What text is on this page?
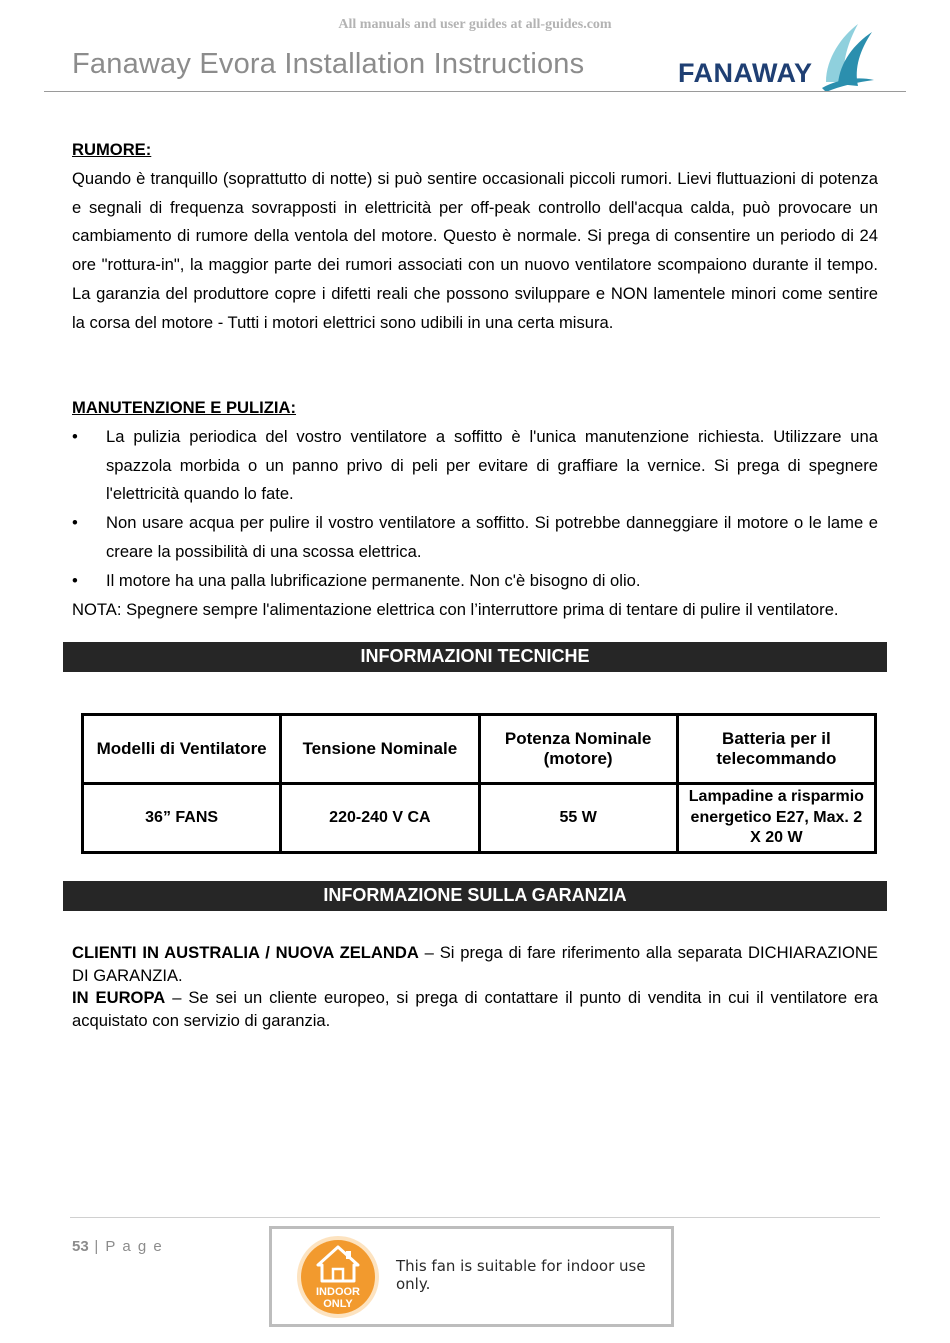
All manuals and user guides at all-guides.com
Fanaway Evora Installation Instructions	FANAWAY
RUMORE:
Quando è tranquillo (soprattutto di notte) si può sentire occasionali piccoli rumori. Lievi fluttuazioni di potenza e segnali di frequenza sovrapposti in elettricità per off-peak controllo dell'acqua calda, può provocare un cambiamento di rumore della ventola del motore. Questo è normale. Si prega di consentire un periodo di 24 ore "rottura-in", la maggior parte dei rumori associati con un nuovo ventilatore scompaiono durante il tempo. La garanzia del produttore copre i difetti reali che possono sviluppare e NON lamentele minori come sentire la corsa del motore - Tutti i motori elettrici sono udibili in una certa misura.
MANUTENZIONE E PULIZIA:
• La pulizia periodica del vostro ventilatore a soffitto è l'unica manutenzione richiesta. Utilizzare una spazzola morbida o un panno privo di peli per evitare di graffiare la vernice. Si prega di spegnere l'elettricità quando lo fate.
• Non usare acqua per pulire il vostro ventilatore a soffitto. Si potrebbe danneggiare il motore o le lame e creare la possibilità di una scossa elettrica.
• Il motore ha una palla lubrificazione permanente. Non c'è bisogno di olio.
NOTA: Spegnere sempre l'alimentazione elettrica con l’interruttore prima di tentare di pulire il ventilatore.
INFORMAZIONI TECNICHE
Modelli di Ventilatore	Tensione Nominale	Potenza Nominale (motore)	Batteria per il telecommando
36” FANS	220-240 V CA	55 W	Lampadine a risparmio energetico E27, Max. 2 X 20 W
INFORMAZIONE SULLA GARANZIA

CLIENTI IN AUSTRALIA / NUOVA ZELANDA – Si prega di fare riferimento alla separata DICHIARAZIONE DI GARANZIA.

IN EUROPA – Se sei un cliente europeo, si prega di contattare il punto di vendita in cui il ventilatore era acquistato con servizio di garanzia.

53 | P a g e
INDOOR
ONLY
This fan is suitable for indoor use only.
